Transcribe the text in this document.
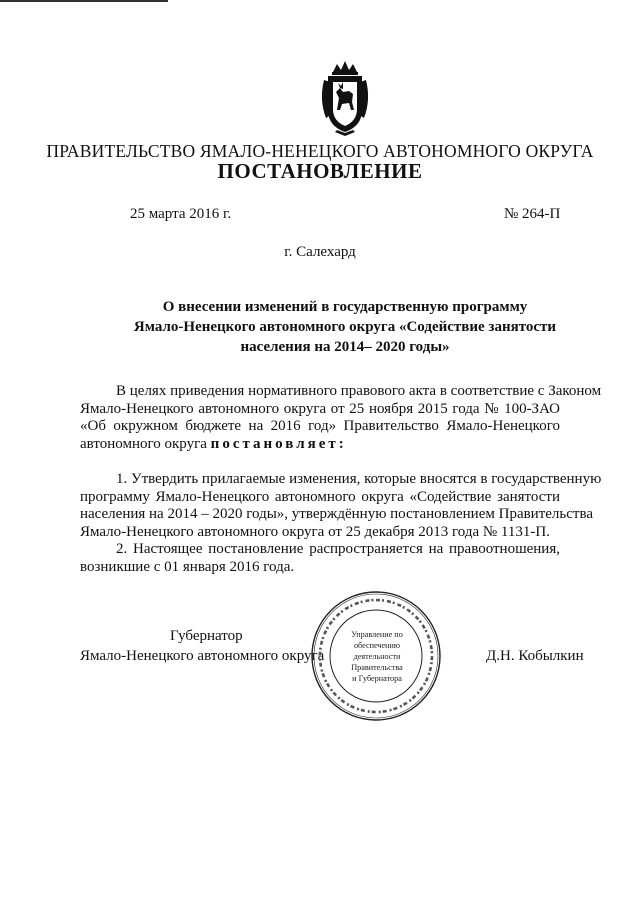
ПРАВИТЕЛЬСТВО ЯМАЛО-НЕНЕЦКОГО АВТОНОМНОГО ОКРУГА
ПОСТАНОВЛЕНИЕ
25 марта 2016 г.	№ 264-П
г. Салехард
О внесении изменений в государственную программу
Ямало-Ненецкого автономного округа «Содействие занятости
населения на 2014– 2020 годы»
В целях приведения нормативного правового акта в соответствие с Законом
Ямало-Ненецкого автономного округа от 25 ноября 2015 года № 100-ЗАО
«Об окружном бюджете на 2016 год» Правительство Ямало-Ненецкого
автономного округа постановляет:
1. Утвердить прилагаемые изменения, которые вносятся в государственную
программу Ямало-Ненецкого автономного округа «Содействие занятости
населения на 2014 – 2020 годы», утверждённую постановлением Правительства
Ямало-Ненецкого автономного округа от 25 декабря 2013 года № 1131-П.
2. Настоящее постановление распространяется на правоотношения,
возникшие с 01 января 2016 года.
Губернатор
Ямало-Ненецкого автономного округа	Д.Н. Кобылкин
Управление по
обеспечению
деятельности
Правительства
и Губернатора
